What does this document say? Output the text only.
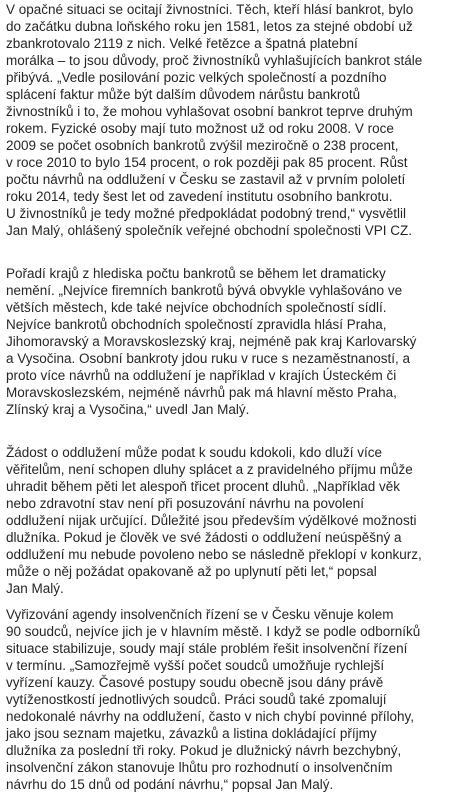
V opačné situaci se ocitají živnostníci. Těch, kteří hlásí bankrot, bylo
do začátku dubna loňského roku jen 1581, letos za stejné období už
zbankrotovalo 2119 z nich. Velké řetězce a špatná platební
morálka – to jsou důvody, proč živnostníků vyhlašujících bankrot stále
přibývá. „Vedle posilování pozic velkých společností a pozdního
splácení faktur může být dalším důvodem nárůstu bankrotů
živnostníků i to, že mohou vyhlašovat osobní bankrot teprve druhým
rokem. Fyzické osoby mají tuto možnost už od roku 2008. V roce
2009 se počet osobních bankrotů zvýšil meziročně o 238 procent,
v roce 2010 to bylo 154 procent, o rok později pak 85 procent. Růst
počtu návrhů na oddlužení v Česku se zastavil až v prvním pololetí
roku 2014, tedy šest let od zavedení institutu osobního bankrotu.
U živnostníků je tedy možné předpokládat podobný trend,“ vysvětlil
Jan Malý, ohlášený společník veřejné obchodní společnosti VPI CZ.
Pořadí krajů z hlediska počtu bankrotů se během let dramaticky
nemění. „Nejvíce firemních bankrotů bývá obvykle vyhlašováno ve
větších městech, kde také nejvíce obchodních společností sídlí.
Nejvíce bankrotů obchodních společností zpravidla hlásí Praha,
Jihomoravský a Moravskoslezský kraj, nejméně pak kraj Karlovarský
a Vysočina. Osobní bankroty jdou ruku v ruce s nezaměstnaností, a
proto více návrhů na oddlužení je například v krajích Ústeckém či
Moravskoslezském, nejméně návrhů pak má hlavní město Praha,
Zlínský kraj a Vysočina,“ uvedl Jan Malý.
Žádost o oddlužení může podat k soudu kdokoli, kdo dluží více
věřitelům, není schopen dluhy splácet a z pravidelného příjmu může
uhradit během pěti let alespoň třicet procent dluhů. „Například věk
nebo zdravotní stav není při posuzování návrhu na povolení
oddlužení nijak určující. Důležité jsou především výdělkové možnosti
dlužníka. Pokud je člověk ve své žádosti o oddlužení neúspěšný a
oddlužení mu nebude povoleno nebo se následně překlopí v konkurz,
může o něj požádat opakovaně až po uplynutí pěti let,“ popsal
Jan Malý.
Vyřizování agendy insolvenčních řízení se v Česku věnuje kolem
90 soudců, nejvíce jich je v hlavním městě. I když se podle odborníků
situace stabilizuje, soudy mají stále problém řešit insolvenční řízení
v termínu. „Samozřejmě vyšší počet soudců umožňuje rychlejší
vyřízení kauzy. Časové postupy soudu obecně jsou dány právě
vytíženostkostí jednotlivých soudců. Práci soudů také zpomalují
nedokonalé návrhy na oddlužení, často v nich chybí povinné přílohy,
jako jsou seznam majetku, závazků a listina dokládající příjmy
dlužníka za poslední tři roky. Pokud je dlužnický návrh bezchybný,
insolvenční zákon stanovuje lhůtu pro rozhodnutí o insolvenčním
návrhu do 15 dnů od podání návrhu,“ popsal Jan Malý.
